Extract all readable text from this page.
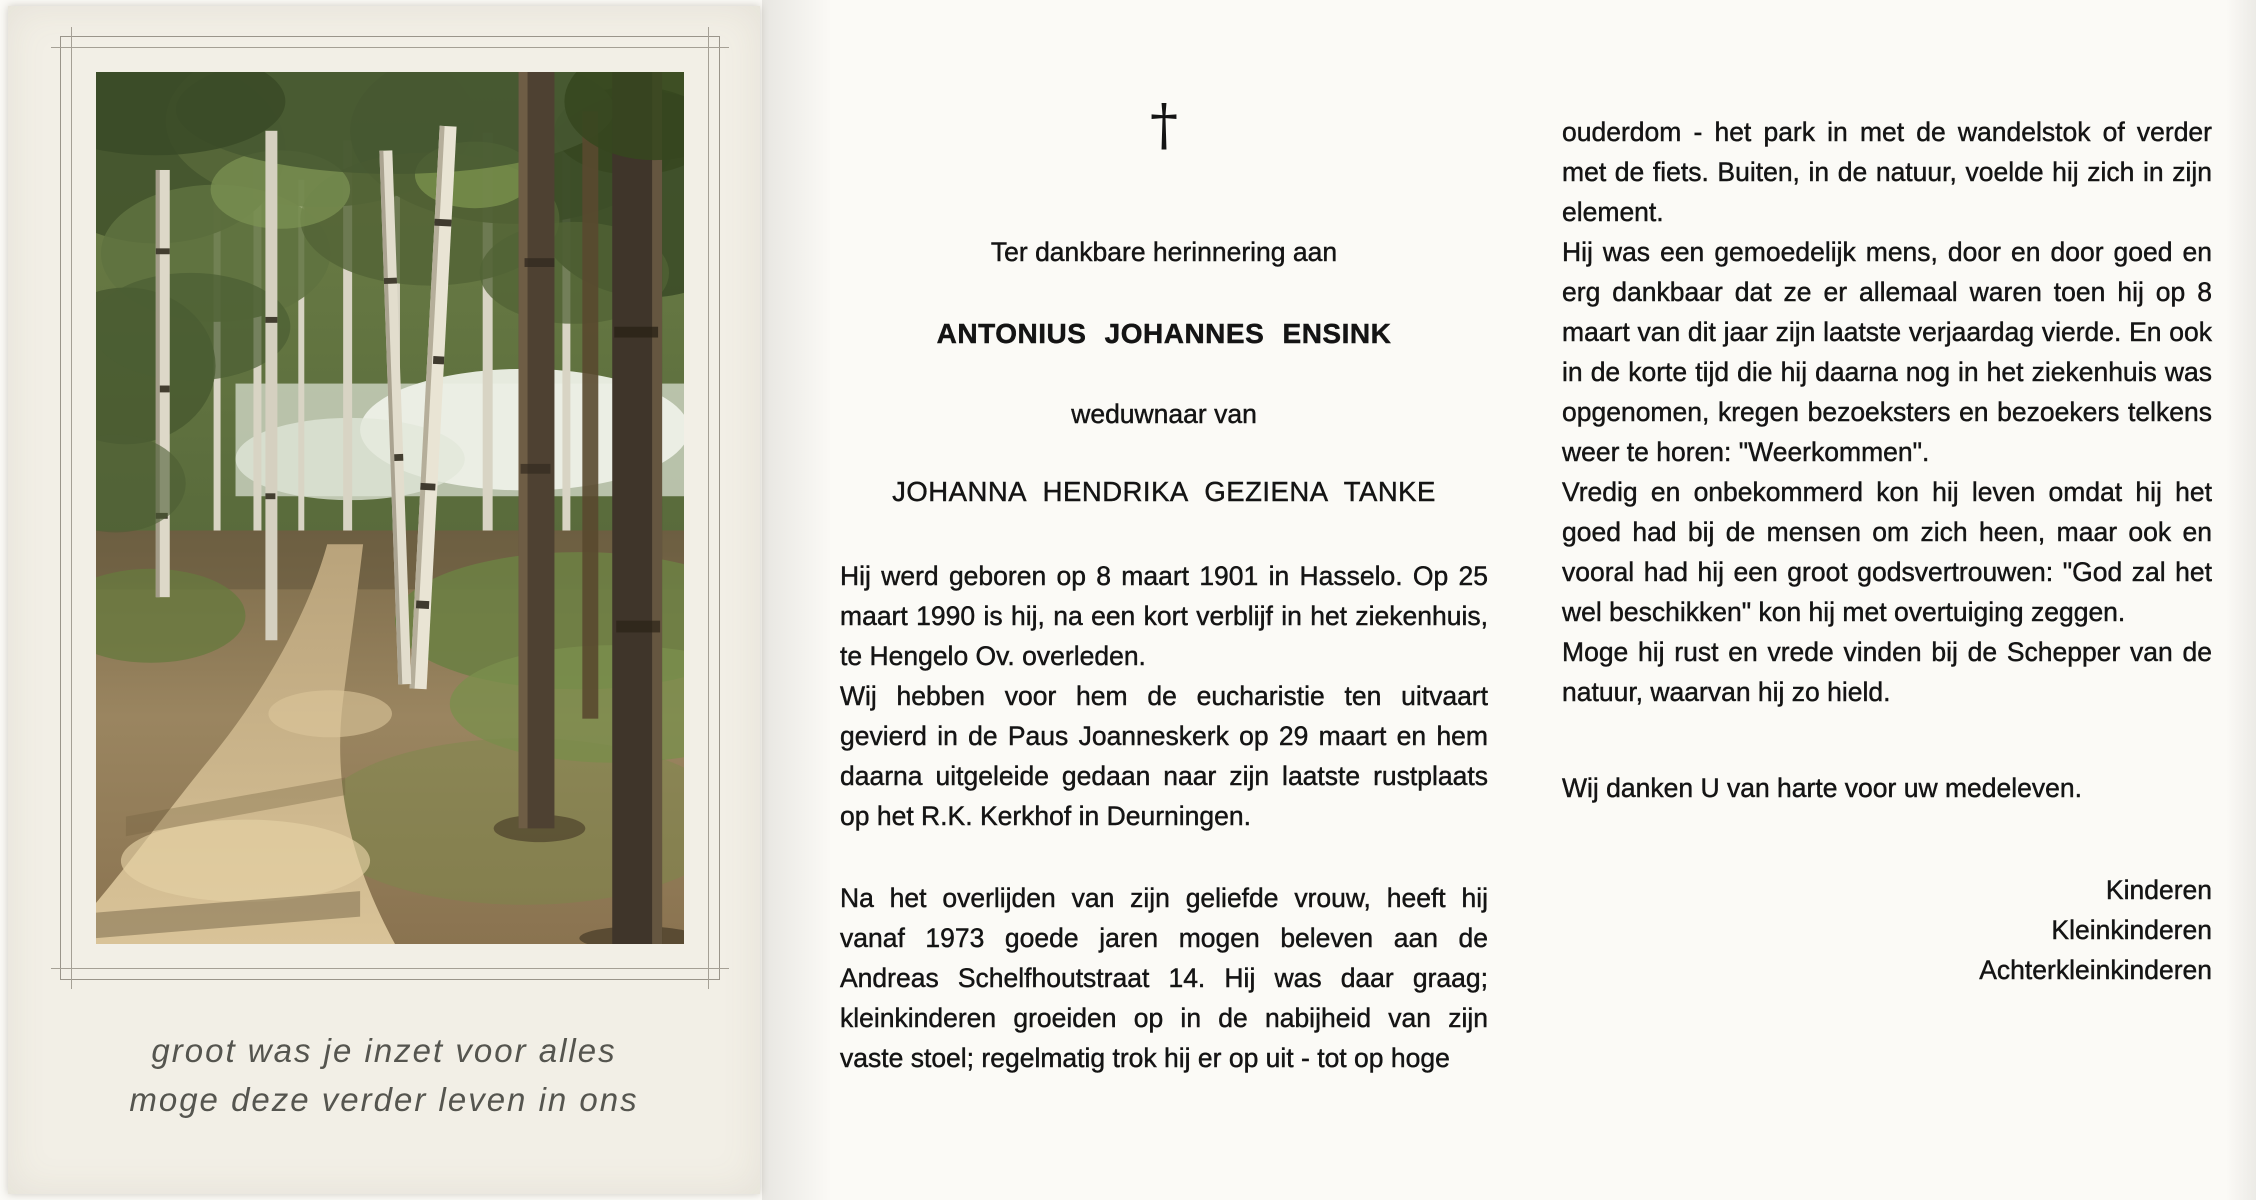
groot was je inzet voor alles
moge deze verder leven in ons
†
Ter dankbare herinnering aan
ANTONIUS JOHANNES ENSINK
weduwnaar van
JOHANNA HENDRIKA GEZIENA TANKE

Hij werd geboren op 8 maart 1901 in Hasselo. Op 25 maart 1990 is hij, na een kort verblijf in het ziekenhuis, te Hengelo Ov. overleden.

Wij hebben voor hem de eucharistie ten uitvaart gevierd in de Paus Joanneskerk op 29 maart en hem daarna uitgeleide gedaan naar zijn laatste rustplaats op het R.K. Kerkhof in Deurningen.

Na het overlijden van zijn geliefde vrouw, heeft hij vanaf 1973 goede jaren mogen beleven aan de Andreas Schelfhoutstraat 14. Hij was daar graag; kleinkinderen groeiden op in de nabijheid van zijn vaste stoel; regelmatig trok hij er op uit - tot op hoge

ouderdom - het park in met de wandelstok of verder met de fiets. Buiten, in de natuur, voelde hij zich in zijn element.

Hij was een gemoedelijk mens, door en door goed en erg dankbaar dat ze er allemaal waren toen hij op 8 maart van dit jaar zijn laatste verjaardag vierde. En ook in de korte tijd die hij daarna nog in het ziekenhuis was opgenomen, kregen bezoeksters en bezoekers telkens weer te horen: "Weerkommen".

Vredig en onbekommerd kon hij leven omdat hij het goed had bij de mensen om zich heen, maar ook en vooral had hij een groot godsvertrouwen: "God zal het wel beschikken" kon hij met overtuiging zeggen.

Moge hij rust en vrede vinden bij de Schepper van de natuur, waarvan hij zo hield.

Wij danken U van harte voor uw medeleven.

Kinderen
Kleinkinderen
Achterkleinkinderen
